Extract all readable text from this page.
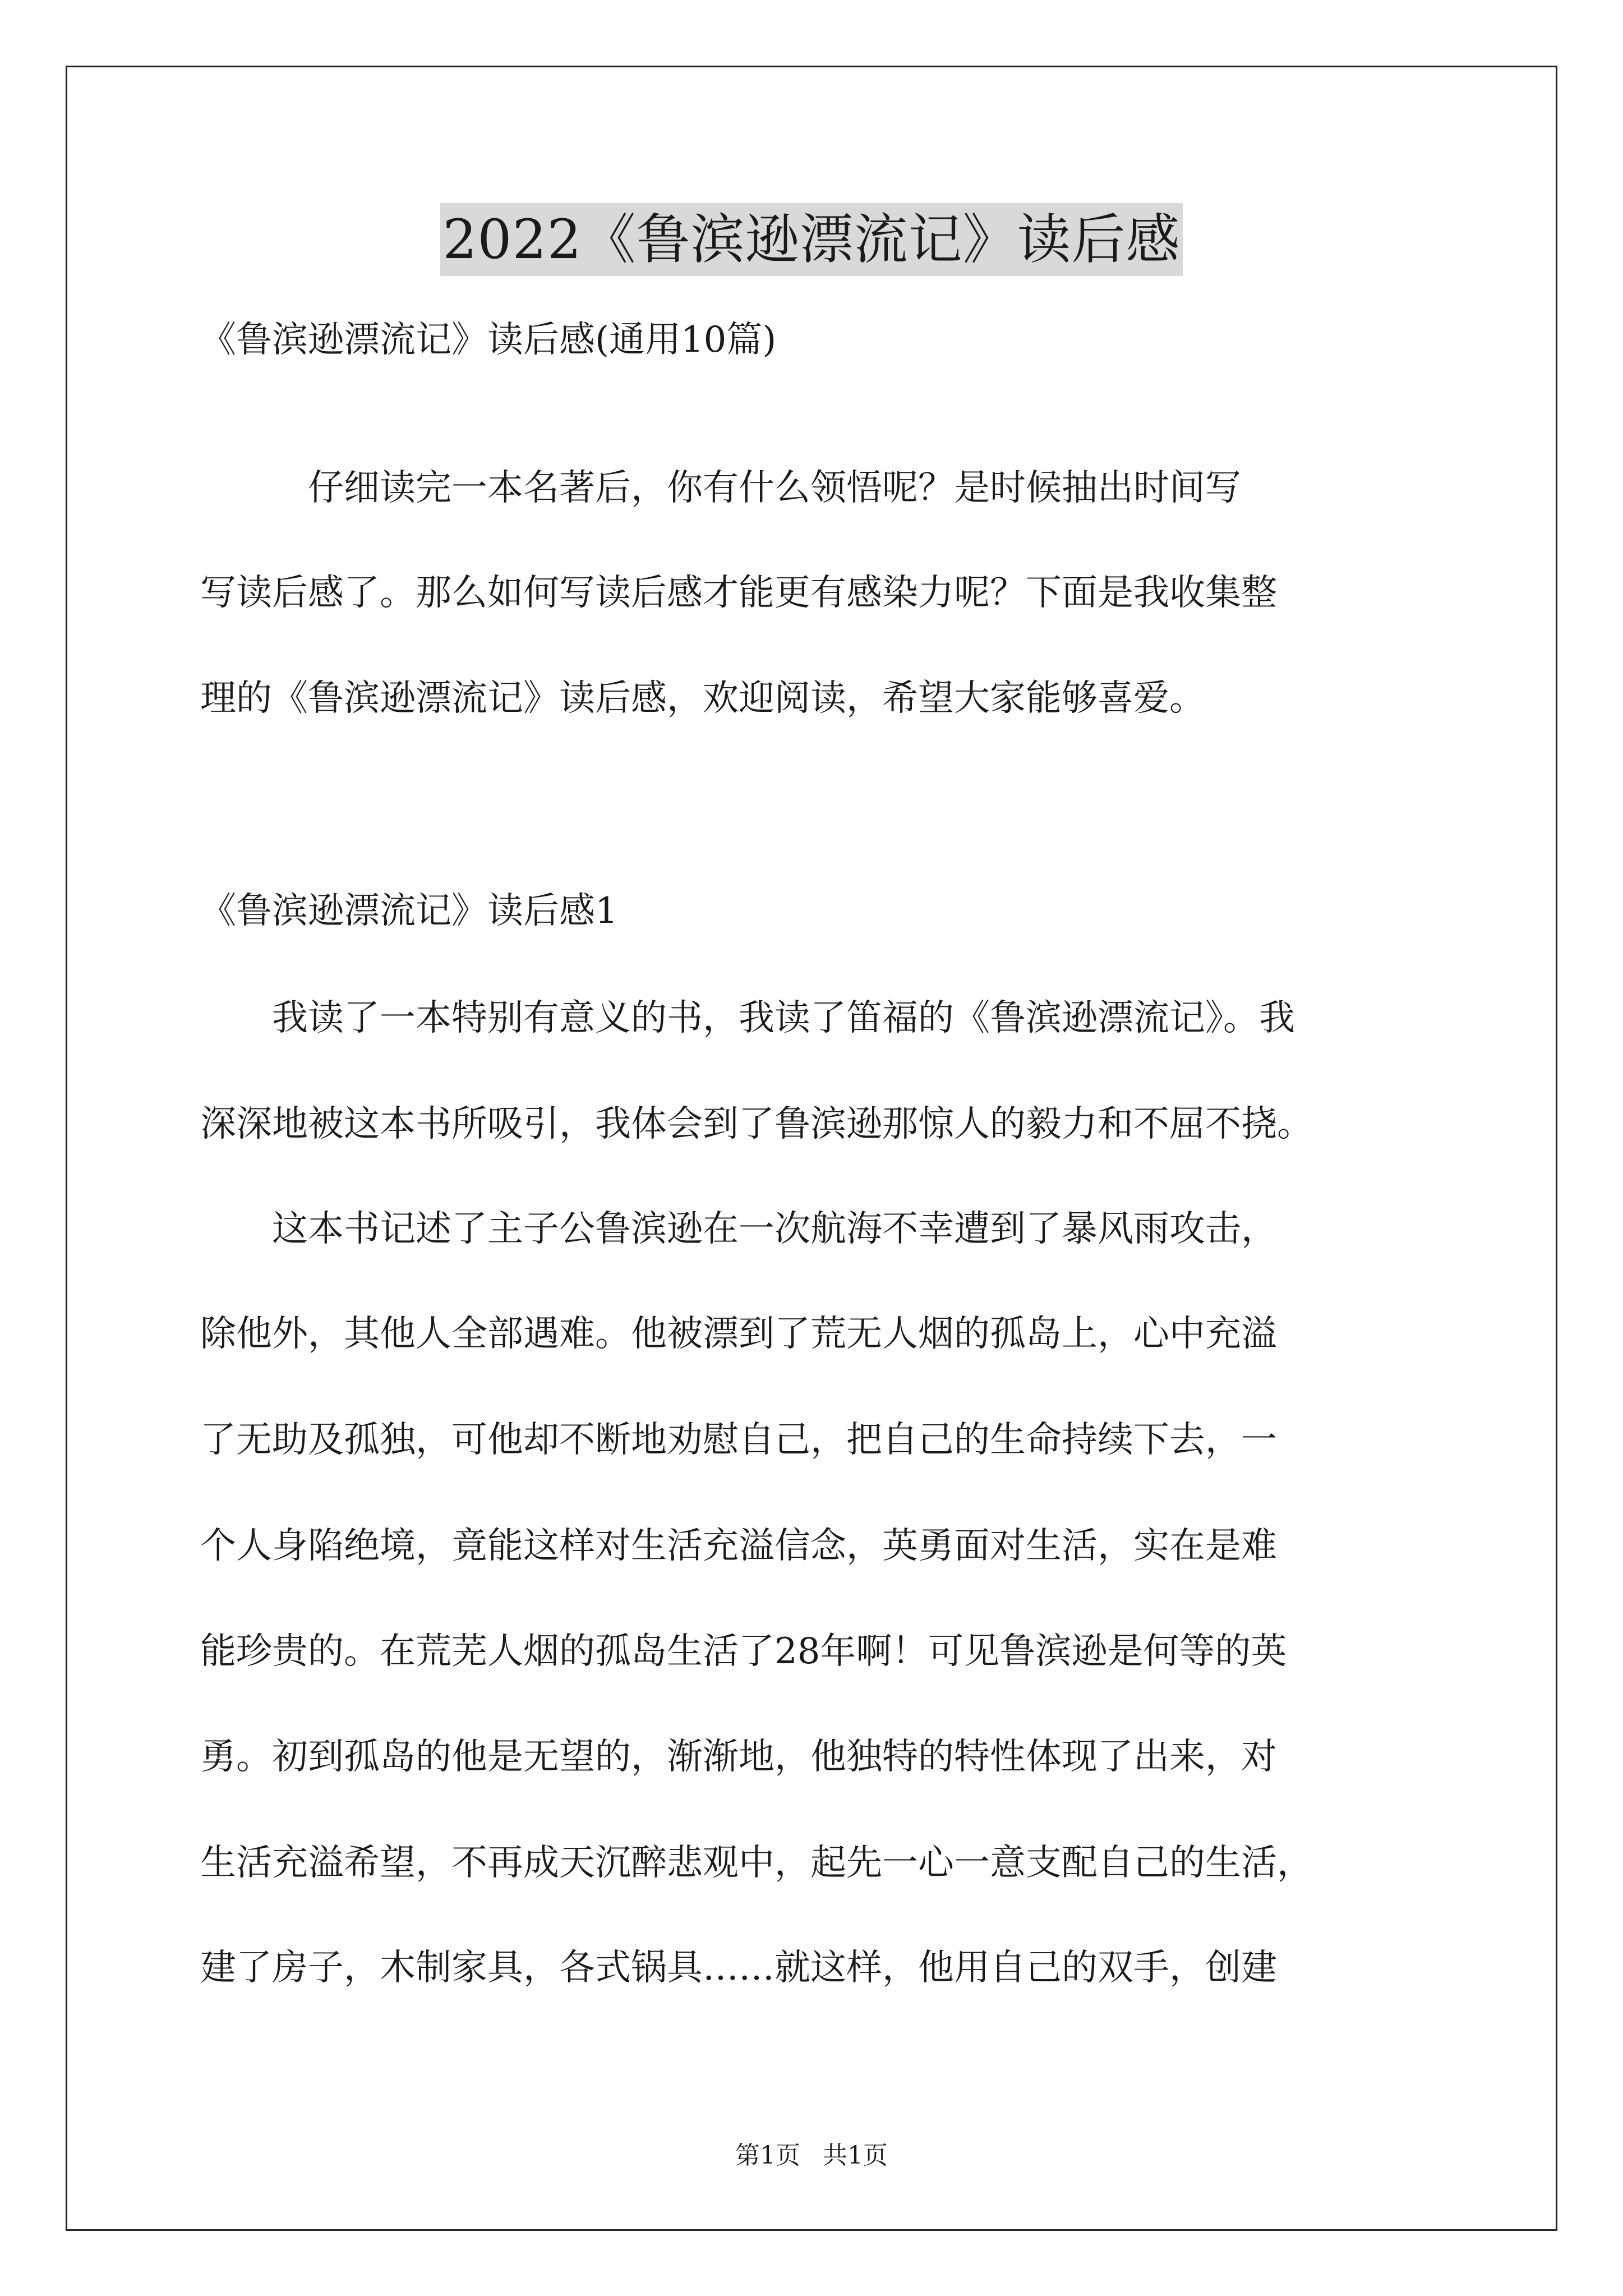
2022《鲁滨逊漂流记》读后感
《鲁滨逊漂流记》读后感(通用10篇)
　　　仔细读完一本名著后，你有什么领悟呢？是时候抽出时间写
写读后感了。那么如何写读后感才能更有感染力呢？下面是我收集整
理的《鲁滨逊漂流记》读后感，欢迎阅读，希望大家能够喜爱。
《鲁滨逊漂流记》读后感1
　　我读了一本特别有意义的书，我读了笛福的《鲁滨逊漂流记》。我
深深地被这本书所吸引，我体会到了鲁滨逊那惊人的毅力和不屈不挠。
　　这本书记述了主子公鲁滨逊在一次航海不幸遭到了暴风雨攻击，
除他外，其他人全部遇难。他被漂到了荒无人烟的孤岛上，心中充溢
了无助及孤独，可他却不断地劝慰自己，把自己的生命持续下去，一
个人身陷绝境，竟能这样对生活充溢信念，英勇面对生活，实在是难
能珍贵的。在荒芜人烟的孤岛生活了28年啊！可见鲁滨逊是何等的英
勇。初到孤岛的他是无望的，渐渐地，他独特的特性体现了出来，对
生活充溢希望，不再成天沉醉悲观中，起先一心一意支配自己的生活，
建了房子，木制家具，各式锅具……就这样，他用自己的双手，创建
第1页 共1页
